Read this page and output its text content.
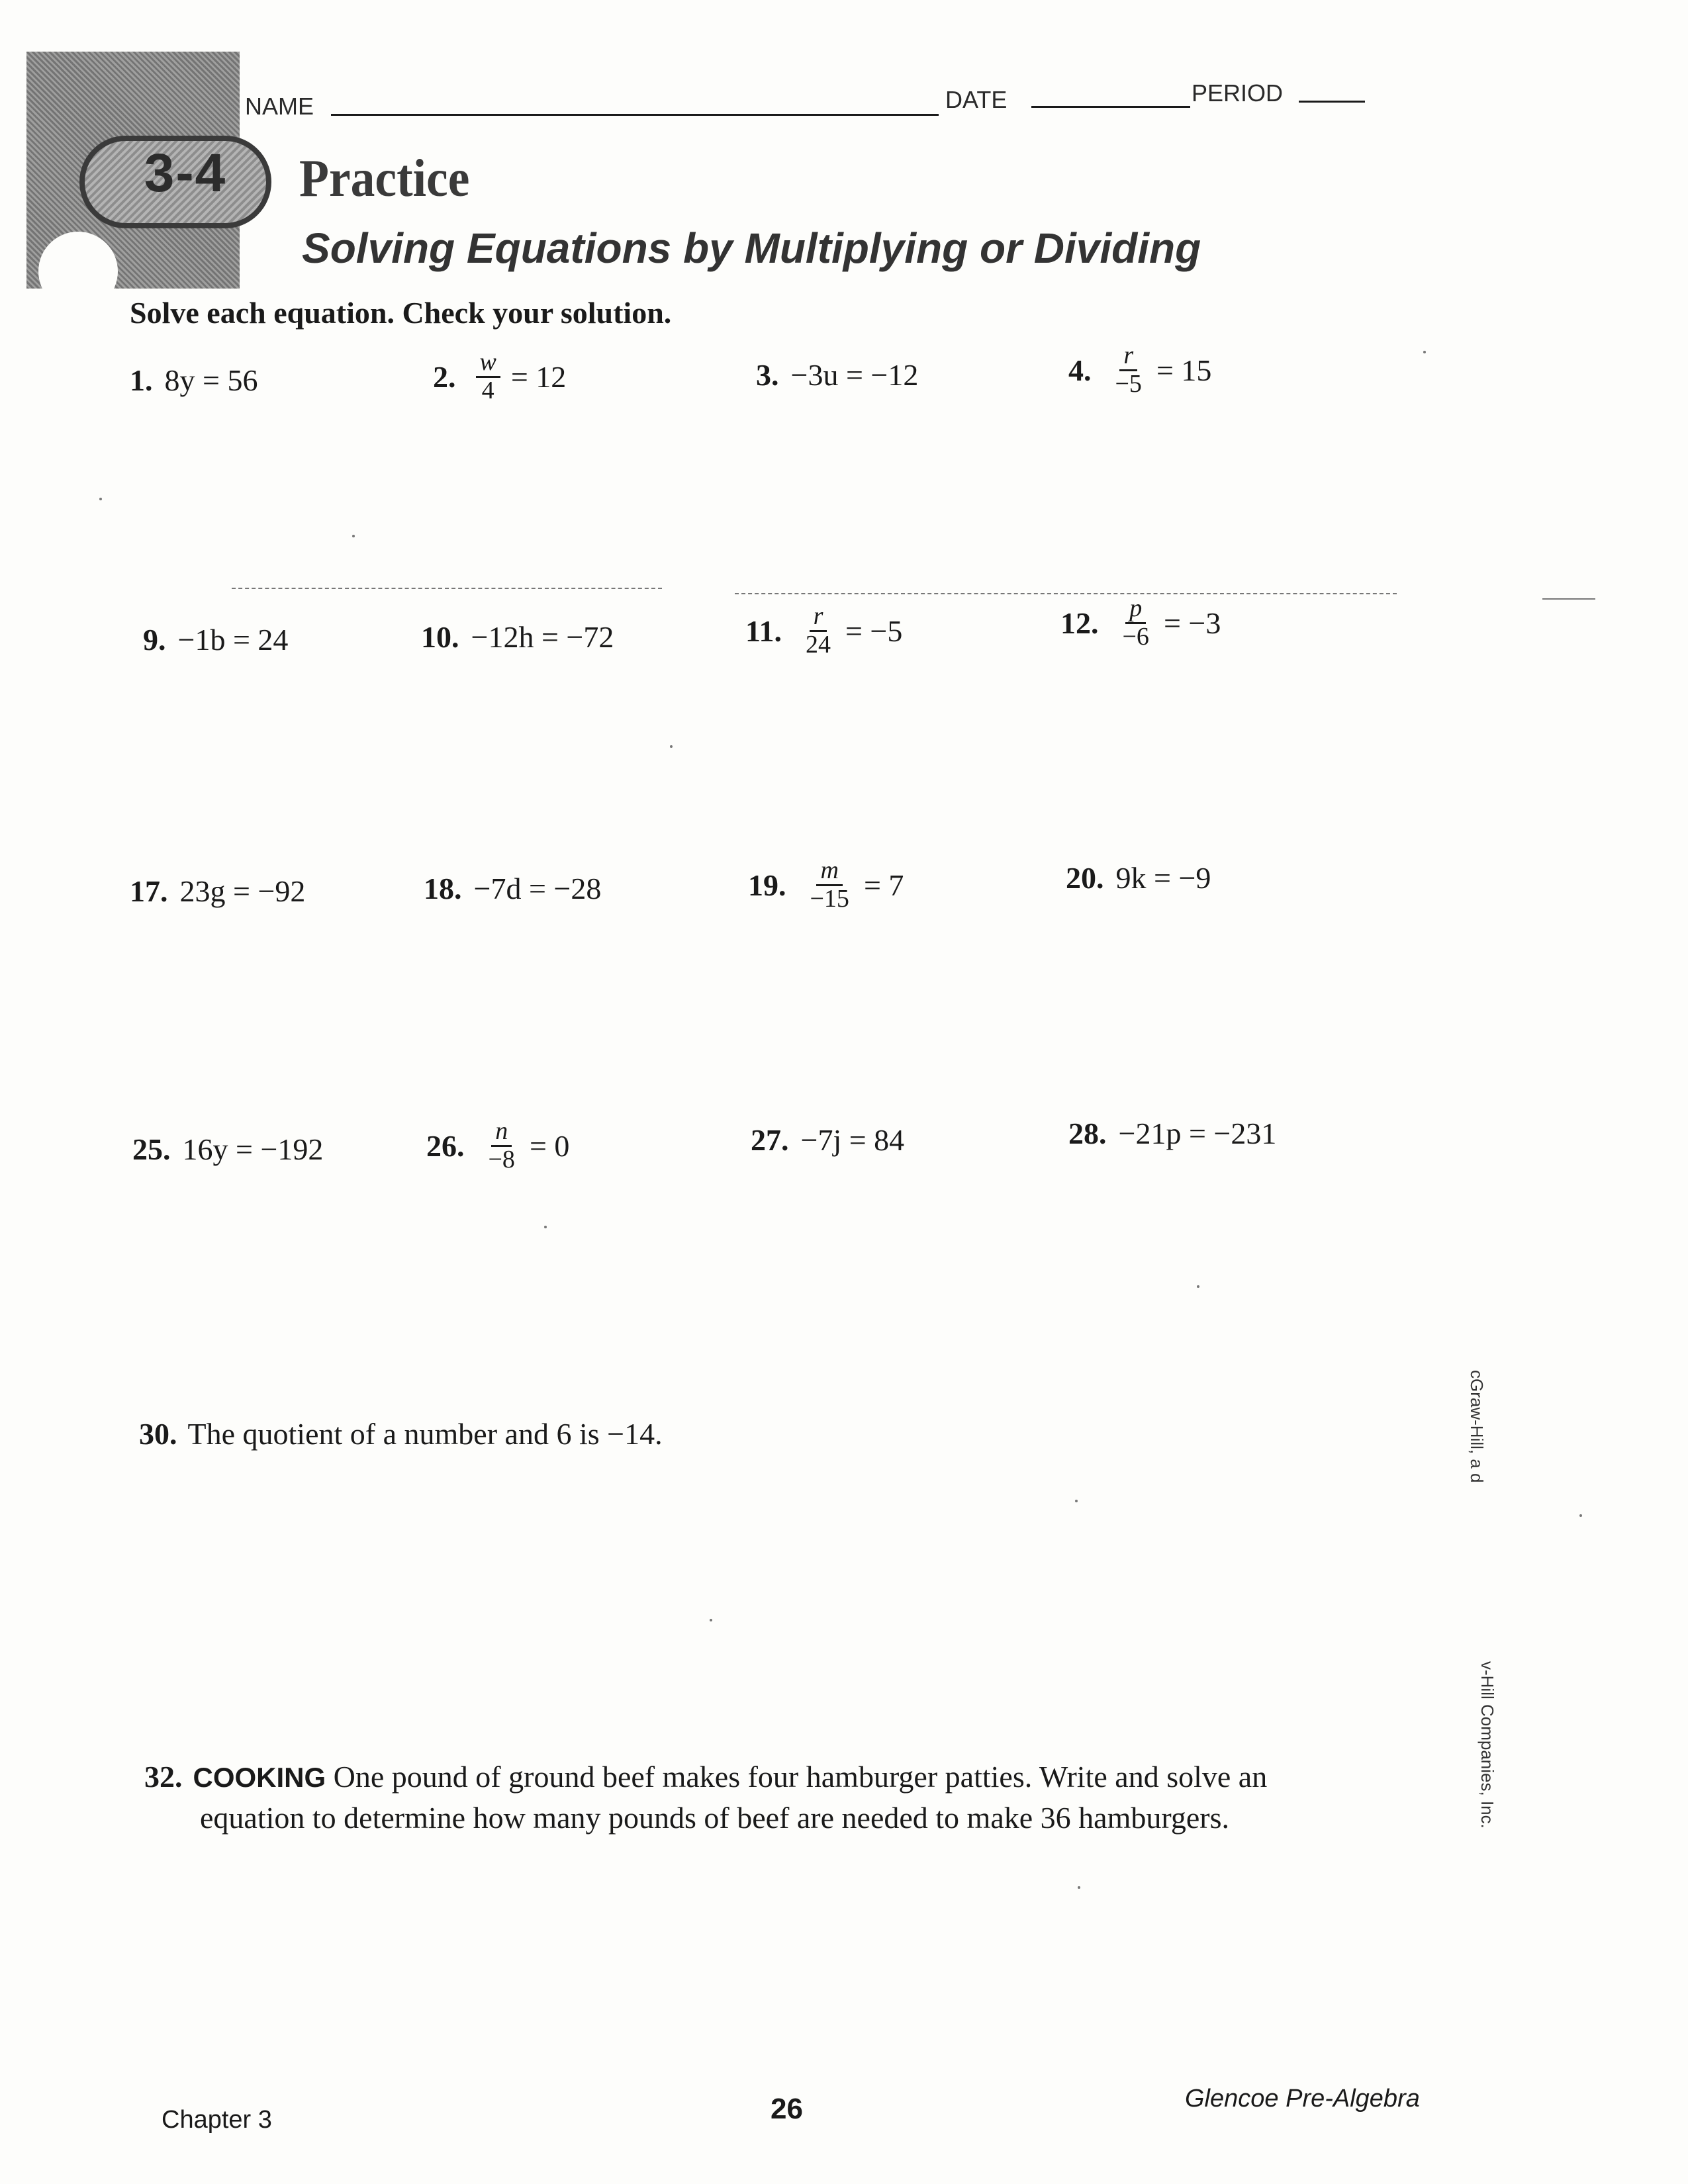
3-4
NAME	DATE	PERIOD
Practice
Solving Equations by Multiplying or Dividing
Solve each equation. Check your solution.
1. 8y = 56	2. $\frac{w}{4} = 12$	3. −3u = −12	4. $\frac{r}{-5} = 15$
9. −1b = 24	10. −12h = −72	11. $\frac{r}{24} = -5$	12. $\frac{p}{-6} = -3$
17. 23g = −92	18. −7d = −28	19. $\frac{m}{-15} = 7$	20. 9k = −9
25. 16y = −192	26. $\frac{n}{-8} = 0$	27. −7j = 84	28. −21p = −231
30. The quotient of a number and 6 is −14.
32. COOKING One pound of ground beef makes four hamburger patties. Write and solve an
equation to determine how many pounds of beef are needed to make 36 hamburgers.
cGraw-Hill, a d
v-Hill Companies, Inc.
Chapter 3	26	Glencoe Pre-Algebra
